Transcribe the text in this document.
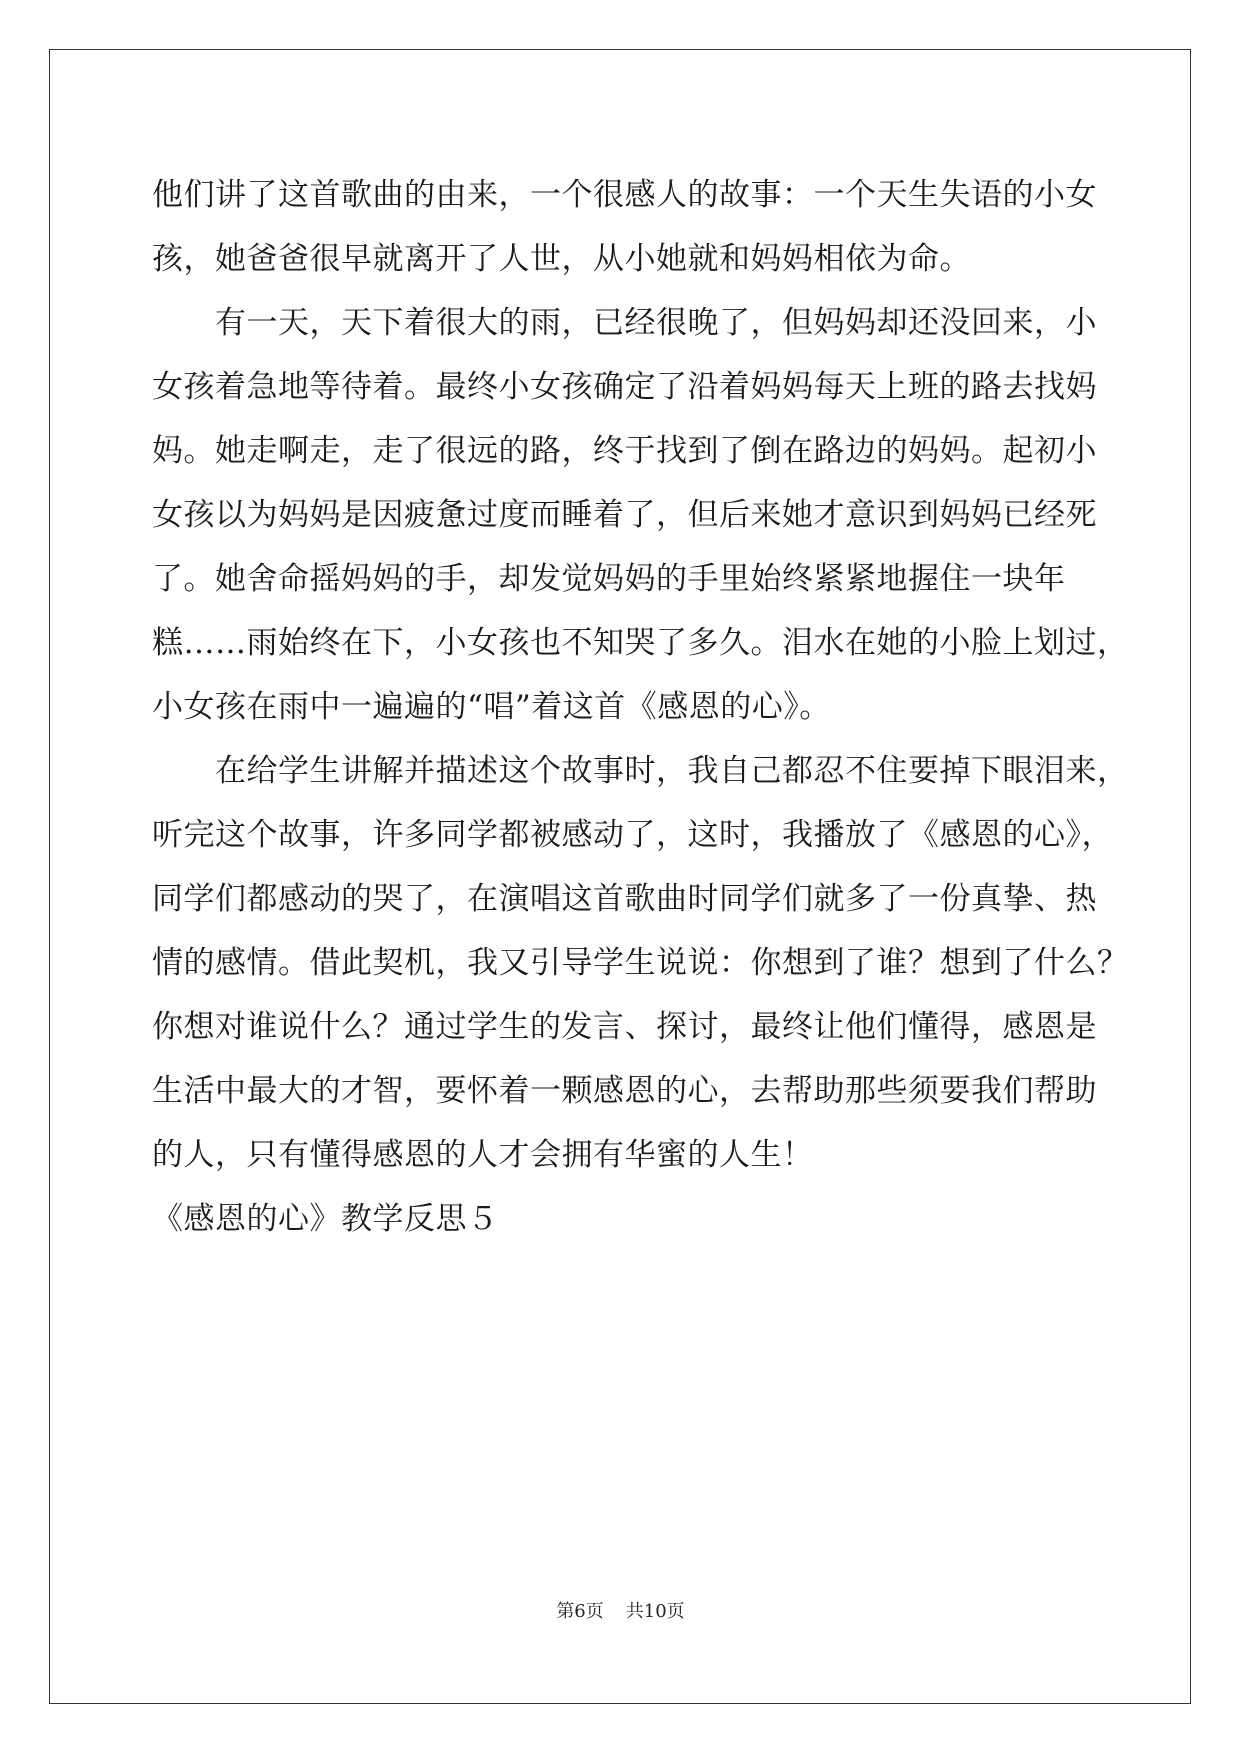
他们讲了这首歌曲的由来，一个很感人的故事：一个天生失语的小女
孩，她爸爸很早就离开了人世，从小她就和妈妈相依为命。
　　有一天，天下着很大的雨，已经很晚了，但妈妈却还没回来，小
女孩着急地等待着。最终小女孩确定了沿着妈妈每天上班的路去找妈
妈。她走啊走，走了很远的路，终于找到了倒在路边的妈妈。起初小
女孩以为妈妈是因疲惫过度而睡着了，但后来她才意识到妈妈已经死
了。她舍命摇妈妈的手，却发觉妈妈的手里始终紧紧地握住一块年
糕……雨始终在下，小女孩也不知哭了多久。泪水在她的小脸上划过，
小女孩在雨中一遍遍的“唱”着这首《感恩的心》。
　　在给学生讲解并描述这个故事时，我自己都忍不住要掉下眼泪来，
听完这个故事，许多同学都被感动了，这时，我播放了《感恩的心》，
同学们都感动的哭了，在演唱这首歌曲时同学们就多了一份真挚、热
情的感情。借此契机，我又引导学生说说：你想到了谁？想到了什么？
你想对谁说什么？通过学生的发言、探讨，最终让他们懂得，感恩是
生活中最大的才智，要怀着一颗感恩的心，去帮助那些须要我们帮助
的人，只有懂得感恩的人才会拥有华蜜的人生！
《感恩的心》教学反思５
第6页 共10页
